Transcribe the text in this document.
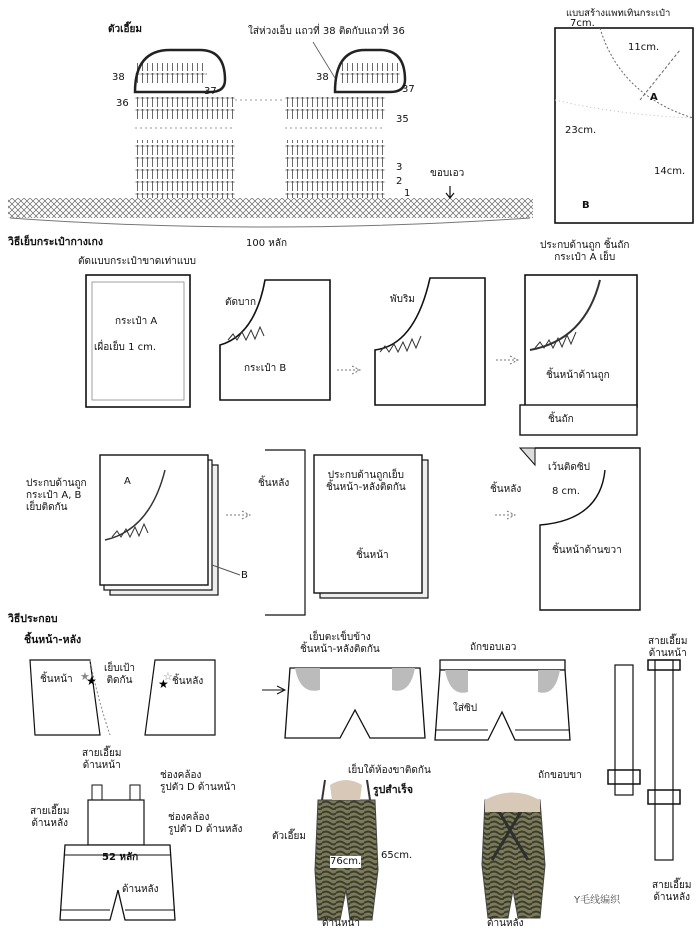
★
★	☆
★
ตัวเอี๊ยม	ใส่ห่วงเอ็บ แถวที่ 38 ติดกับแถวที่ 36
38
37
36
38
37
35
3
2
1
ขอบเอว
100 หลัก
แบบสร้างแพทเทินกระเป๋า
7cm.
11cm.
A
23cm.
14cm.
B
วิธีเย็บกระเป๋ากางเกง
ตัดแบบกระเป๋าขาดเท่าแบบ
กระเป๋า A
เผื่อเย็บ 1 cm.
ตัดบาก
กระเป๋า B
พับริม
ประกบด้านถูก ชิ้นถัก
กระเป๋า A เย็บ
ชิ้นหน้าด้านถูก
ชิ้นถัก
ประกบด้านถูก
กระเป๋า A, B
เย็บติดกัน
A
B
ชิ้นหลัง
ประกบด้านถูกเย็บ
ชิ้นหน้า-หลังติดกัน
ชิ้นหน้า
ชิ้นหลัง
เว้นติดซิป
8 cm.
ชิ้นหน้าด้านขวา
วิธีประกอบ
ชิ้นหน้า-หลัง
ชิ้นหน้า
เย็บเป้า
ติดกัน	ชิ้นหลัง
เย็บตะเข็บข้าง
ชิ้นหน้า-หลังติดกัน	ถักขอบเอว
ใส่ซิป
เย็บใต้ห้องขาติดกัน	ถักขอบขา
สายเอี๊ยม
ด้านหน้า
สายเอี๊ยม
ด้านหน้า
ช่องคล้อง
รูปตัว D ด้านหน้า
สายเอี๊ยม
ด้านหลัง
ช่องคล้อง
รูปตัว D ด้านหลัง
52 หลัก
ด้านหลัง	สายเอี๊ยม
ด้านหลัง
รูปสำเร็จ
ตัวเอี๊ยม
76cm.
65cm.
ด้านหน้า	ด้านหลัง
Y毛线编织
